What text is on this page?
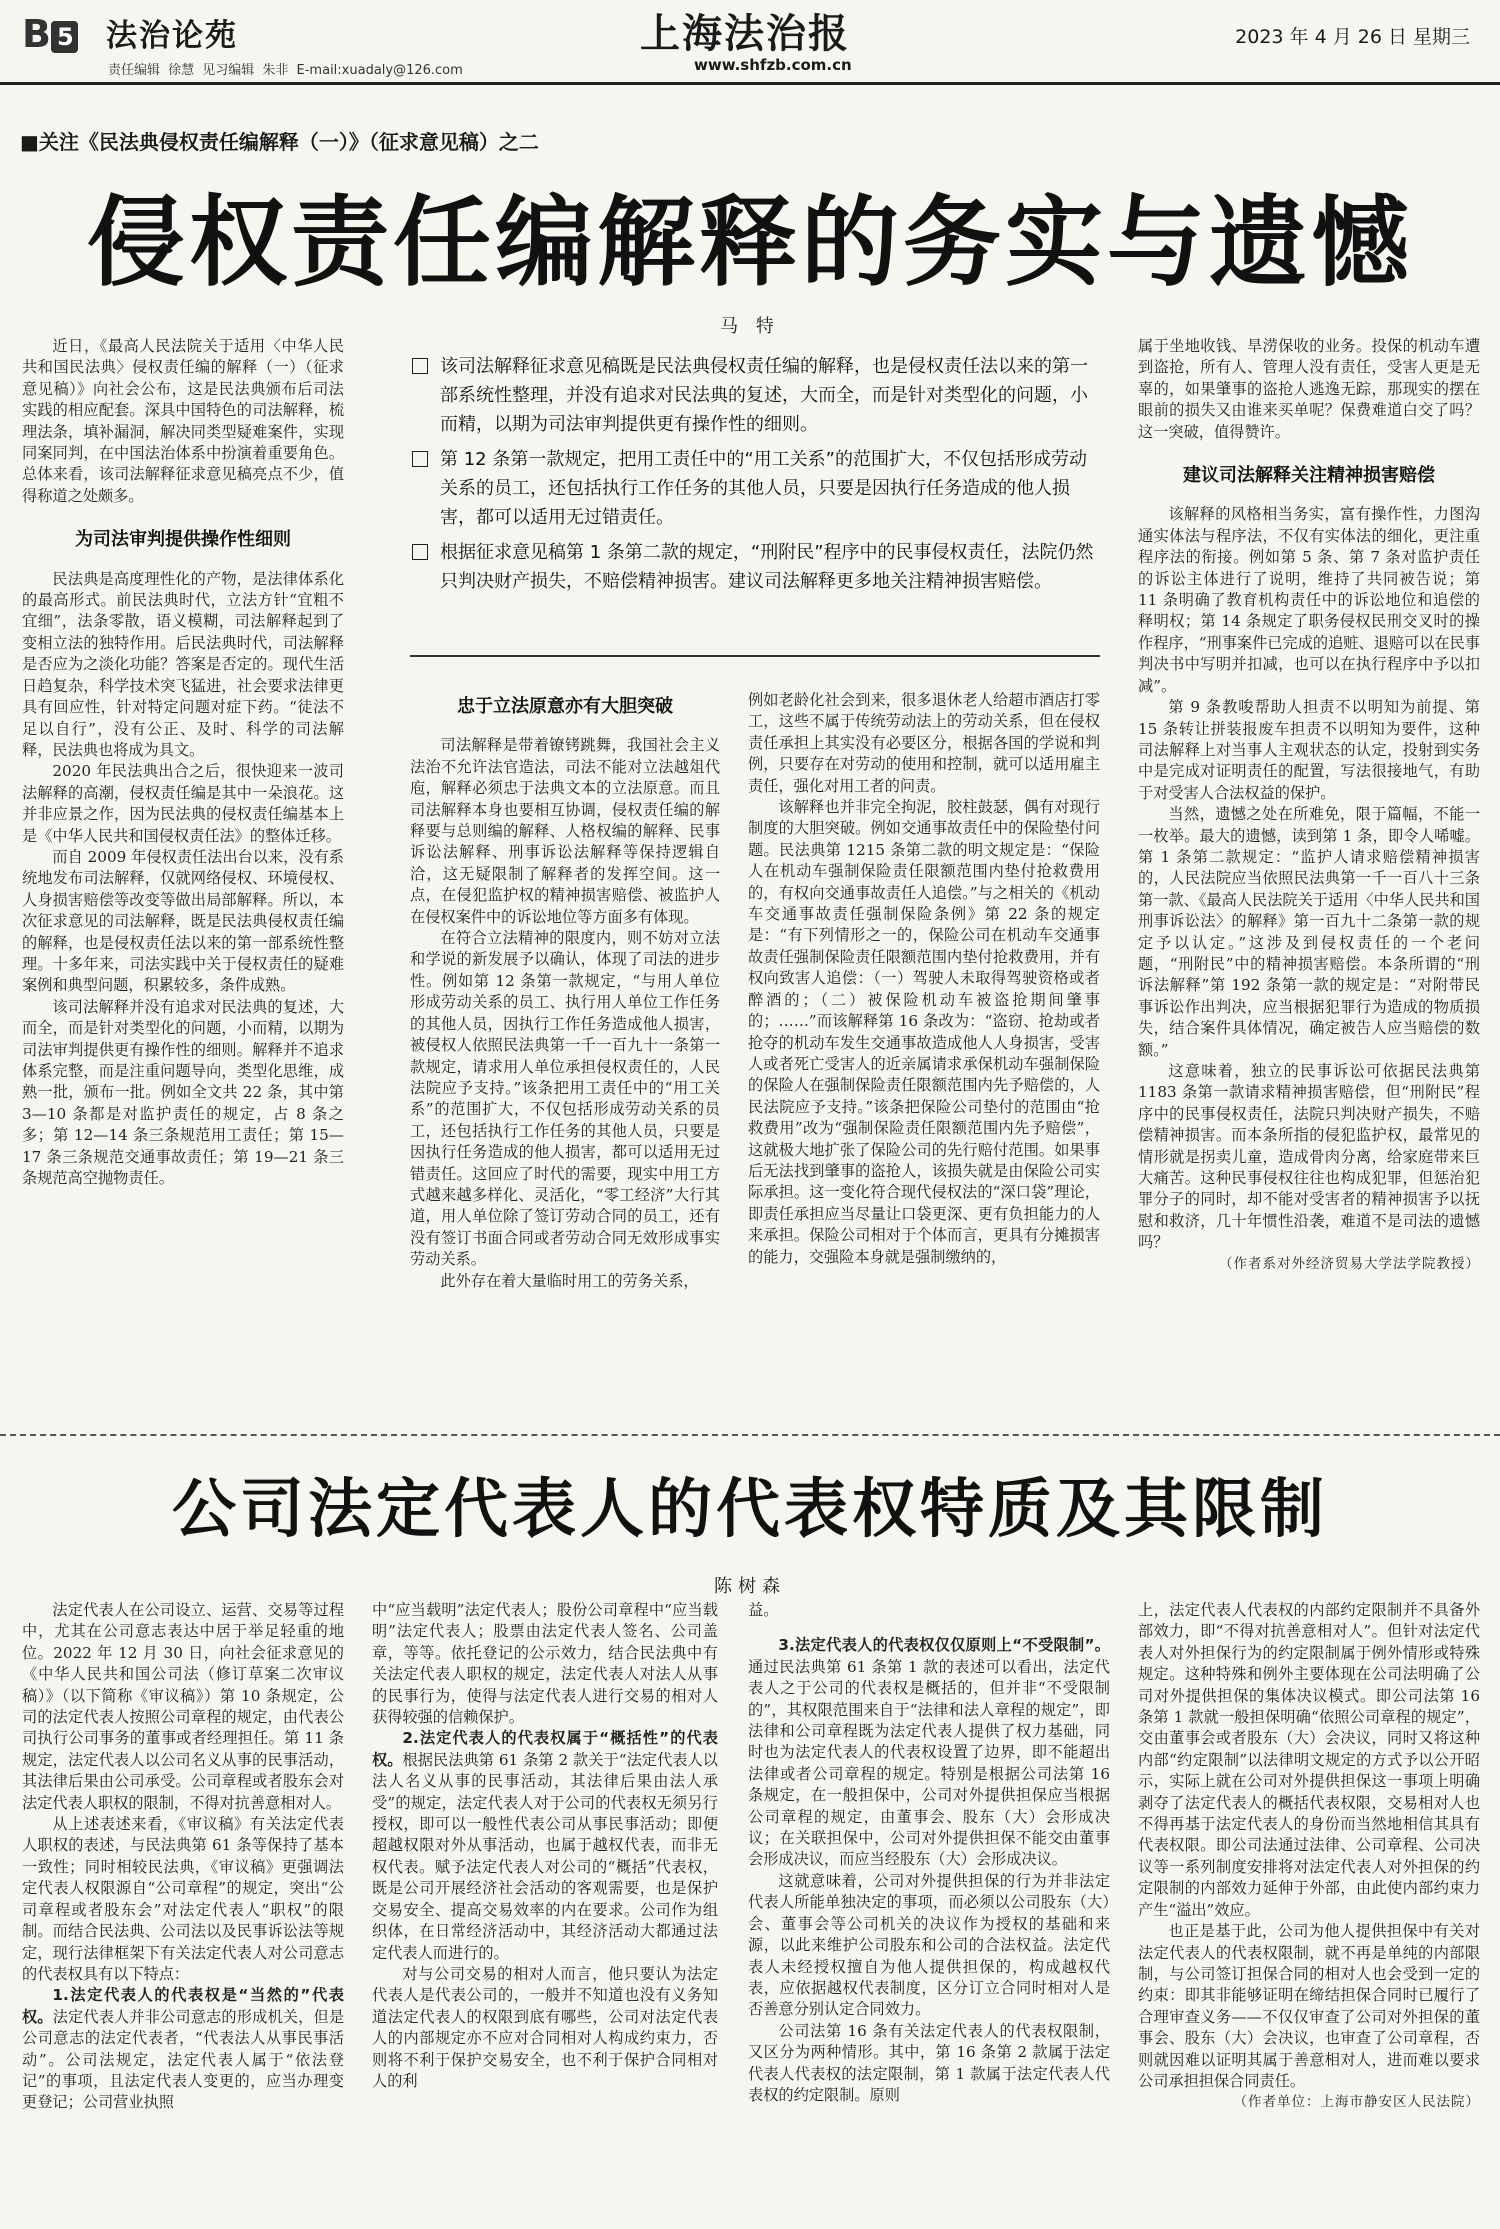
B 5 法治论苑
责任编辑 徐慧 见习编辑 朱非 E-mail:xuadaly@126.com
上海法治报
www.shfzb.com.cn
2023 年 4 月 26 日 星期三
■关注《民法典侵权责任编解释（一）》（征求意见稿）之二
侵权责任编解释的务实与遗憾
马 特

近日，《最高人民法院关于适用〈中华人民共和国民法典〉侵权责任编的解释（一）（征求意见稿）》向社会公布，这是民法典颁布后司法实践的相应配套。深具中国特色的司法解释，梳理法条，填补漏洞，解决同类型疑难案件，实现同案同判，在中国法治体系中扮演着重要角色。总体来看，该司法解释征求意见稿亮点不少，值得称道之处颇多。

为司法审判提供操作性细则

民法典是高度理性化的产物，是法律体系化的最高形式。前民法典时代，立法方针“宜粗不宜细”，法条零散，语义模糊，司法解释起到了变相立法的独特作用。后民法典时代，司法解释是否应为之淡化功能？答案是否定的。现代生活日趋复杂，科学技术突飞猛进，社会要求法律更具有回应性，针对特定问题对症下药。“徒法不足以自行”，没有公正、及时、科学的司法解释，民法典也将成为具文。

2020 年民法典出合之后，很快迎来一波司法解释的高潮，侵权责任编是其中一朵浪花。这并非应景之作，因为民法典的侵权责任编基本上是《中华人民共和国侵权责任法》的整体迁移。

而自 2009 年侵权责任法出台以来，没有系统地发布司法解释，仅就网络侵权、环境侵权、人身损害赔偿等改变等做出局部解释。所以，本次征求意见的司法解释，既是民法典侵权责任编的解释，也是侵权责任法以来的第一部系统性整理。十多年来，司法实践中关于侵权责任的疑难案例和典型问题，积累较多，条件成熟。

该司法解释并没有追求对民法典的复述，大而全，而是针对类型化的问题，小而精，以期为司法审判提供更有操作性的细则。解释并不追求体系完整，而是注重问题导向，类型化思维，成熟一批，颁布一批。例如全文共 22 条，其中第 3—10 条都是对监护责任的规定，占 8 条之多；第 12—14 条三条规范用工责任；第 15—17 条三条规范交通事故责任；第 19—21 条三条规范高空抛物责任。

该司法解释征求意见稿既是民法典侵权责任编的解释，也是侵权责任法以来的第一部系统性整理，并没有追求对民法典的复述，大而全，而是针对类型化的问题，小而精，以期为司法审判提供更有操作性的细则。
第 12 条第一款规定，把用工责任中的“用工关系”的范围扩大，不仅包括形成劳动关系的员工，还包括执行工作任务的其他人员，只要是因执行任务造成的他人损害，都可以适用无过错责任。
根据征求意见稿第 1 条第二款的规定，“刑附民”程序中的民事侵权责任，法院仍然只判决财产损失，不赔偿精神损害。建议司法解释更多地关注精神损害赔偿。
忠于立法原意亦有大胆突破

司法解释是带着镣铐跳舞，我国社会主义法治不允许法官造法，司法不能对立法越俎代庖，解释必须忠于法典文本的立法原意。而且司法解释本身也要相互协调，侵权责任编的解释要与总则编的解释、人格权编的解释、民事诉讼法解释、刑事诉讼法解释等保持逻辑自洽，这无疑限制了解释者的发挥空间。这一点，在侵犯监护权的精神损害赔偿、被监护人在侵权案件中的诉讼地位等方面多有体现。

在符合立法精神的限度内，则不妨对立法和学说的新发展予以确认，体现了司法的进步性。例如第 12 条第一款规定，“与用人单位形成劳动关系的员工、执行用人单位工作任务的其他人员，因执行工作任务造成他人损害，被侵权人依照民法典第一千一百九十一条第一款规定，请求用人单位承担侵权责任的，人民法院应予支持。”该条把用工责任中的“用工关系”的范围扩大，不仅包括形成劳动关系的员工，还包括执行工作任务的其他人员，只要是因执行任务造成的他人损害，都可以适用无过错责任。这回应了时代的需要，现实中用工方式越来越多样化、灵活化，“零工经济”大行其道，用人单位除了签订劳动合同的员工，还有没有签订书面合同或者劳动合同无效形成事实劳动关系。

此外存在着大量临时用工的劳务关系，

例如老龄化社会到来，很多退休老人给超市酒店打零工，这些不属于传统劳动法上的劳动关系，但在侵权责任承担上其实没有必要区分，根据各国的学说和判例，只要存在对劳动的使用和控制，就可以适用雇主责任，强化对用工者的问责。

该解释也并非完全拘泥，胶柱鼓瑟，偶有对现行制度的大胆突破。例如交通事故责任中的保险垫付问题。民法典第 1215 条第二款的明文规定是：“保险人在机动车强制保险责任限额范围内垫付抢救费用的，有权向交通事故责任人追偿。”与之相关的《机动车交通事故责任强制保险条例》第 22 条的规定是：“有下列情形之一的，保险公司在机动车交通事故责任强制保险责任限额范围内垫付抢救费用，并有权向致害人追偿：（一）驾驶人未取得驾驶资格或者醉酒的；（二）被保险机动车被盗抢期间肇事的；……”而该解释第 16 条改为：“盗窃、抢劫或者抢夺的机动车发生交通事故造成他人人身损害，受害人或者死亡受害人的近亲属请求承保机动车强制保险的保险人在强制保险责任限额范围内先予赔偿的，人民法院应予支持。”该条把保险公司垫付的范围由“抢救费用”改为“强制保险责任限额范围内先予赔偿”，这就极大地扩张了保险公司的先行赔付范围。如果事后无法找到肇事的盗抢人，该损失就是由保险公司实际承担。这一变化符合现代侵权法的“深口袋”理论，即责任承担应当尽量让口袋更深、更有负担能力的人来承担。保险公司相对于个体而言，更具有分摊损害的能力，交强险本身就是强制缴纳的，

属于坐地收钱、旱涝保收的业务。投保的机动车遭到盗抢，所有人、管理人没有责任，受害人更是无辜的，如果肇事的盗抢人逃逸无踪，那现实的摆在眼前的损失又由谁来买单呢？保费难道白交了吗？这一突破，值得赞许。

建议司法解释关注精神损害赔偿

该解释的风格相当务实，富有操作性，力图沟通实体法与程序法，不仅有实体法的细化，更注重程序法的衔接。例如第 5 条、第 7 条对监护责任的诉讼主体进行了说明，维持了共同被告说；第 11 条明确了教育机构责任中的诉讼地位和追偿的释明权；第 14 条规定了职务侵权民刑交叉时的操作程序，“刑事案件已完成的追赃、退赔可以在民事判决书中写明并扣减，也可以在执行程序中予以扣减”。

第 9 条教唆帮助人担责不以明知为前提、第 15 条转让拼装报废车担责不以明知为要件，这种司法解释上对当事人主观状态的认定，投射到实务中是完成对证明责任的配置，写法很接地气，有助于对受害人合法权益的保护。

当然，遗憾之处在所难免，限于篇幅，不能一一枚举。最大的遗憾，读到第 1 条，即令人唏嘘。第 1 条第二款规定：“监护人请求赔偿精神损害的，人民法院应当依照民法典第一千一百八十三条第一款、《最高人民法院关于适用〈中华人民共和国刑事诉讼法〉的解释》第一百九十二条第一款的规定予以认定。”这涉及到侵权责任的一个老问题，“刑附民”中的精神损害赔偿。本条所谓的“刑诉法解释”第 192 条第一款的规定是：“对附带民事诉讼作出判决，应当根据犯罪行为造成的物质损失，结合案件具体情况，确定被告人应当赔偿的数额。”

这意味着，独立的民事诉讼可依据民法典第 1183 条第一款请求精神损害赔偿，但“刑附民”程序中的民事侵权责任，法院只判决财产损失，不赔偿精神损害。而本条所指的侵犯监护权，最常见的情形就是拐卖儿童，造成骨肉分离，给家庭带来巨大痛苦。这种民事侵权往往也构成犯罪，但惩治犯罪分子的同时，却不能对受害者的精神损害予以抚慰和救济，几十年惯性沿袭，难道不是司法的遗憾吗？

（作者系对外经济贸易大学法学院教授）

公司法定代表人的代表权特质及其限制
陈树森

法定代表人在公司设立、运营、交易等过程中，尤其在公司意志表达中居于举足轻重的地位。2022 年 12 月 30 日，向社会征求意见的《中华人民共和国公司法（修订草案二次审议稿）》（以下简称《审议稿》）第 10 条规定，公司的法定代表人按照公司章程的规定，由代表公司执行公司事务的董事或者经理担任。第 11 条规定，法定代表人以公司名义从事的民事活动，其法律后果由公司承受。公司章程或者股东会对法定代表人职权的限制，不得对抗善意相对人。

从上述表述来看，《审议稿》有关法定代表人职权的表述，与民法典第 61 条等保持了基本一致性；同时相较民法典，《审议稿》更强调法定代表人权限源自“公司章程”的规定，突出“公司章程或者股东会”对法定代表人“职权”的限制。而结合民法典、公司法以及民事诉讼法等规定，现行法律框架下有关法定代表人对公司意志的代表权具有以下特点：

1.法定代表人的代表权是“当然的”代表权。法定代表人并非公司意志的形成机关，但是公司意志的法定代表者，“代表法人从事民事活动”。公司法规定，法定代表人属于“依法登记”的事项，且法定代表人变更的，应当办理变更登记；公司营业执照

中“应当载明”法定代表人；股份公司章程中“应当载明”法定代表人；股票由法定代表人签名、公司盖章，等等。依托登记的公示效力，结合民法典中有关法定代表人职权的规定，法定代表人对法人从事的民事行为，使得与法定代表人进行交易的相对人获得较强的信赖保护。

2.法定代表人的代表权属于“概括性”的代表权。根据民法典第 61 条第 2 款关于“法定代表人以法人名义从事的民事活动，其法律后果由法人承受”的规定，法定代表人对于公司的代表权无须另行授权，即可以一般性代表公司从事民事活动；即便超越权限对外从事活动，也属于越权代表，而非无权代表。赋予法定代表人对公司的“概括”代表权，既是公司开展经济社会活动的客观需要，也是保护交易安全、提高交易效率的内在要求。公司作为组织体，在日常经济活动中，其经济活动大都通过法定代表人而进行的。

对与公司交易的相对人而言，他只要认为法定代表人是代表公司的，一般并不知道也没有义务知道法定代表人的权限到底有哪些，公司对法定代表人的内部规定亦不应对合同相对人构成约束力，否则将不利于保护交易安全，也不利于保护合同相对人的利

益。

3.法定代表人的代表权仅仅原则上“不受限制”。通过民法典第 61 条第 1 款的表述可以看出，法定代表人之于公司的代表权是概括的，但并非“不受限制的”，其权限范围来自于“法律和法人章程的规定”，即法律和公司章程既为法定代表人提供了权力基础，同时也为法定代表人的代表权设置了边界，即不能超出法律或者公司章程的规定。特别是根据公司法第 16 条规定，在一般担保中，公司对外提供担保应当根据公司章程的规定，由董事会、股东（大）会形成决议；在关联担保中，公司对外提供担保不能交由董事会形成决议，而应当经股东（大）会形成决议。

这就意味着，公司对外提供担保的行为并非法定代表人所能单独决定的事项，而必须以公司股东（大）会、董事会等公司机关的决议作为授权的基础和来源，以此来维护公司股东和公司的合法权益。法定代表人未经授权擅自为他人提供担保的，构成越权代表，应依据越权代表制度，区分订立合同时相对人是否善意分别认定合同效力。

公司法第 16 条有关法定代表人的代表权限制，又区分为两种情形。其中，第 16 条第 2 款属于法定代表人代表权的法定限制，第 1 款属于法定代表人代表权的约定限制。原则

上，法定代表人代表权的内部约定限制并不具备外部效力，即“不得对抗善意相对人”。但针对法定代表人对外担保行为的约定限制属于例外情形或特殊规定。这种特殊和例外主要体现在公司法明确了公司对外提供担保的集体决议模式。即公司法第 16 条第 1 款就一般担保明确“依照公司章程的规定”，交由董事会或者股东（大）会决议，同时又将这种内部“约定限制”以法律明文规定的方式予以公开昭示，实际上就在公司对外提供担保这一事项上明确剥夺了法定代表人的概括代表权限，交易相对人也不得再基于法定代表人的身份而当然地相信其具有代表权限。即公司法通过法律、公司章程、公司决议等一系列制度安排将对法定代表人对外担保的约定限制的内部效力延伸于外部，由此使内部约束力产生“溢出”效应。

也正是基于此，公司为他人提供担保中有关对法定代表人的代表权限制，就不再是单纯的内部限制，与公司签订担保合同的相对人也会受到一定的约束：即其非能够证明在缔结担保合同时已履行了合理审查义务——不仅仅审查了公司对外担保的董事会、股东（大）会决议，也审查了公司章程，否则就因难以证明其属于善意相对人，进而难以要求公司承担担保合同责任。

（作者单位：上海市静安区人民法院）
